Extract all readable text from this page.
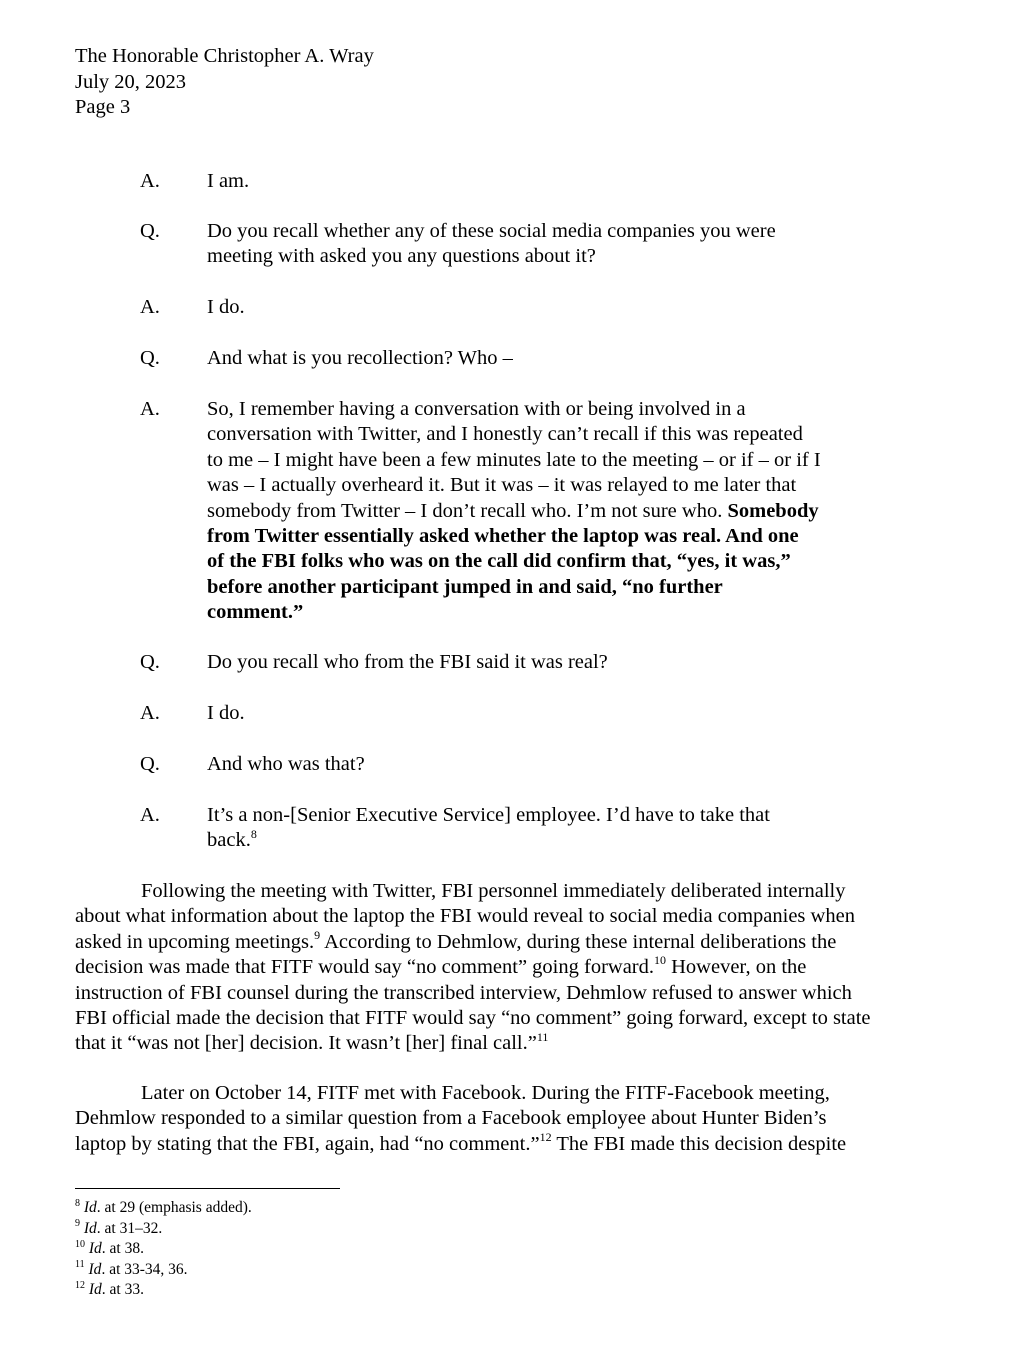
The Honorable Christopher A. Wray
July 20, 2023
Page 3
A. I am.
Q. Do you recall whether any of these social media companies you were
meeting with asked you any questions about it?
A. I do.
Q. And what is you recollection? Who –
A. So, I remember having a conversation with or being involved in a
conversation with Twitter, and I honestly can’t recall if this was repeated
to me – I might have been a few minutes late to the meeting – or if – or if I
was – I actually overheard it. But it was – it was relayed to me later that
somebody from Twitter – I don’t recall who. I’m not sure who. Somebody
from Twitter essentially asked whether the laptop was real. And one
of the FBI folks who was on the call did confirm that, “yes, it was,”
before another participant jumped in and said, “no further
comment.”
Q. Do you recall who from the FBI said it was real?
A. I do.
Q. And who was that?
A. It’s a non-[Senior Executive Service] employee. I’d have to take that
back.$^8$
Following the meeting with Twitter, FBI personnel immediately deliberated internally
about what information about the laptop the FBI would reveal to social media companies when
asked in upcoming meetings.$^9$ According to Dehmlow, during these internal deliberations the
decision was made that FITF would say “no comment” going forward.$^{10}$ However, on the
instruction of FBI counsel during the transcribed interview, Dehmlow refused to answer which
FBI official made the decision that FITF would say “no comment” going forward, except to state
that it “was not [her] decision. It wasn’t [her] final call.”$^{11}$
Later on October 14, FITF met with Facebook. During the FITF-Facebook meeting,
Dehmlow responded to a similar question from a Facebook employee about Hunter Biden’s
laptop by stating that the FBI, again, had “no comment.”$^{12}$ The FBI made this decision despite
$^8$ Id. at 29 (emphasis added).
$^9$ Id. at 31–32.
$^{10}$ Id. at 38.
$^{11}$ Id. at 33-34, 36.
$^{12}$ Id. at 33.
